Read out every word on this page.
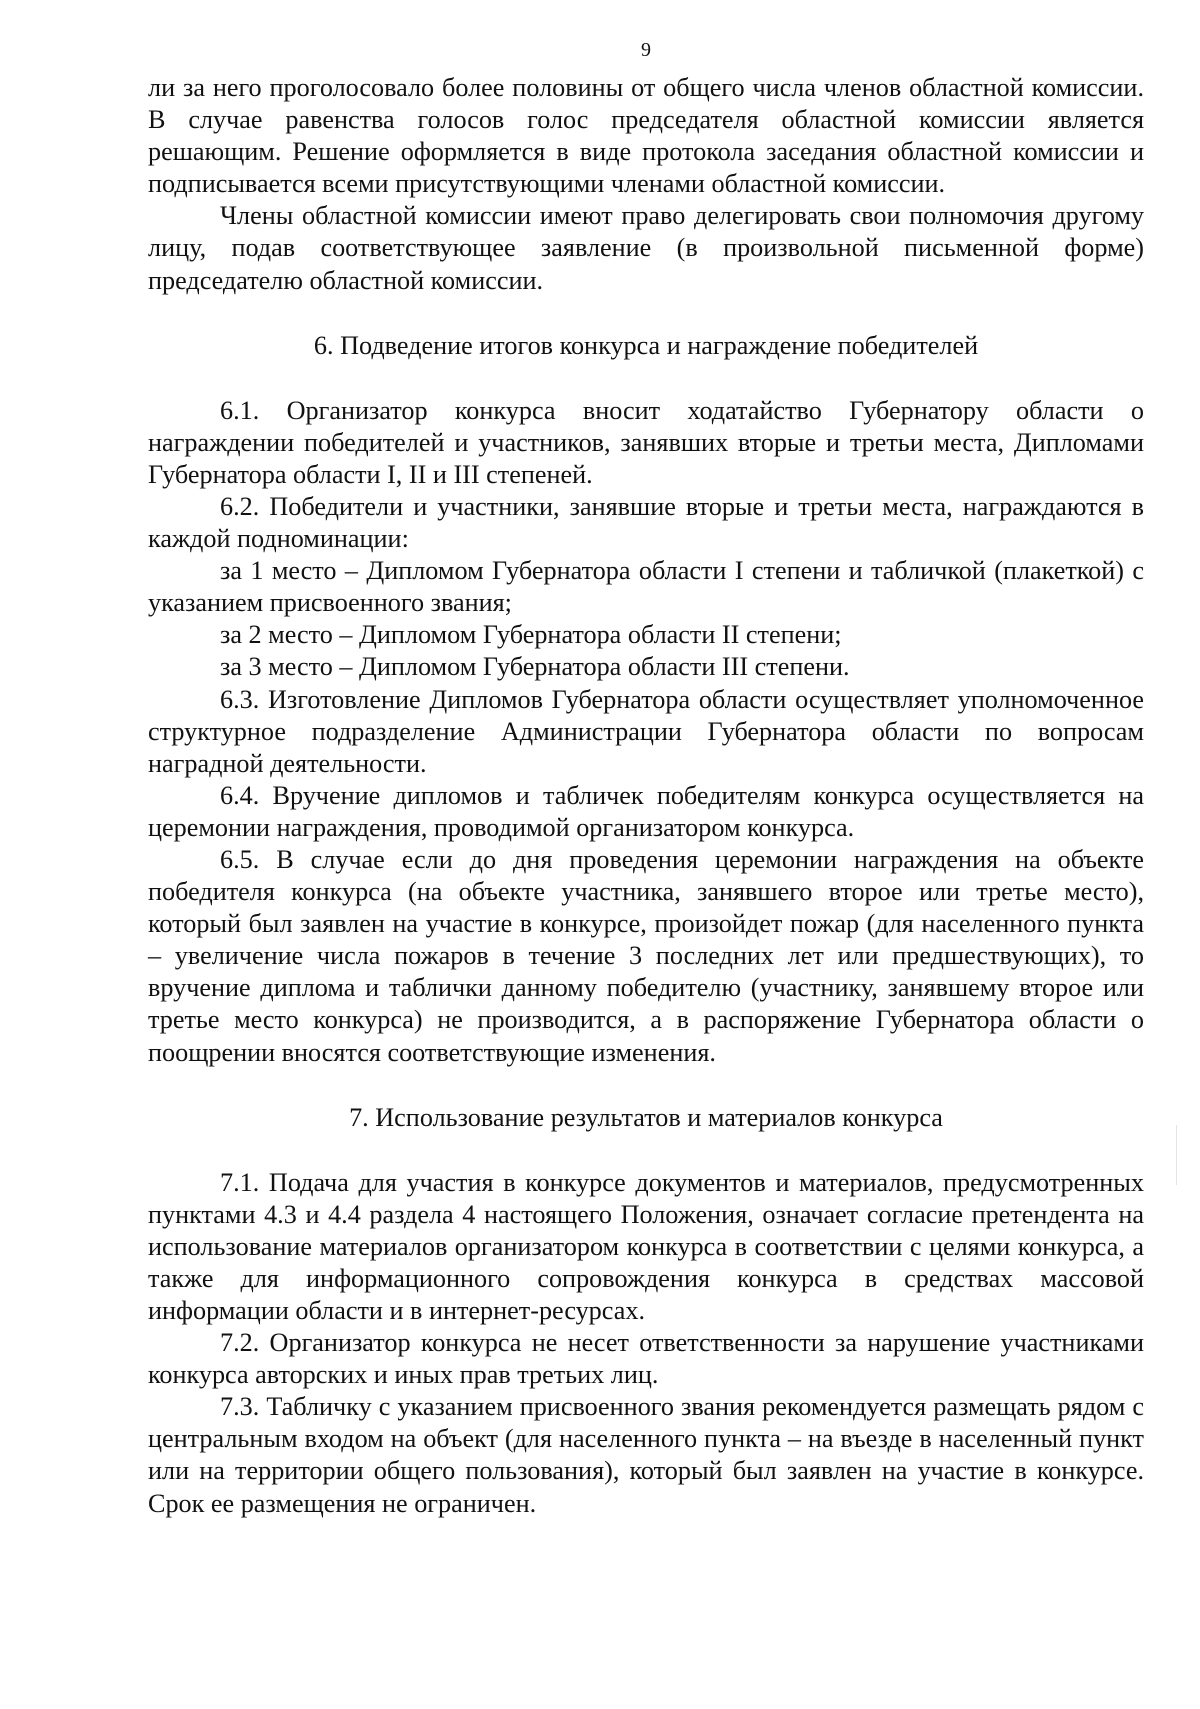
9

ли за него проголосовало более половины от общего числа членов областной комиссии. В случае равенства голосов голос председателя областной комиссии является решающим. Решение оформляется в виде протокола заседания областной комиссии и подписывается всеми присутствующими членами областной комиссии.

Члены областной комиссии имеют право делегировать свои полномочия другому лицу, подав соответствующее заявление (в произвольной письменной форме) председателю областной комиссии.

6. Подведение итогов конкурса и награждение победителей

6.1. Организатор конкурса вносит ходатайство Губернатору области о награждении победителей и участников, занявших вторые и третьи места, Дипломами Губернатора области I, II и III степеней.

6.2. Победители и участники, занявшие вторые и третьи места, награждаются в каждой подноминации:

за 1 место – Дипломом Губернатора области I степени и табличкой (плакеткой) с указанием присвоенного звания;

за 2 место – Дипломом Губернатора области II степени;

за 3 место – Дипломом Губернатора области III степени.

6.3. Изготовление Дипломов Губернатора области осуществляет уполномоченное структурное подразделение Администрации Губернатора области по вопросам наградной деятельности.

6.4. Вручение дипломов и табличек победителям конкурса осуществляется на церемонии награждения, проводимой организатором конкурса.

6.5. В случае если до дня проведения церемонии награждения на объекте победителя конкурса (на объекте участника, занявшего второе или третье место), который был заявлен на участие в конкурсе, произойдет пожар (для населенного пункта – увеличение числа пожаров в течение 3 последних лет или предшествующих), то вручение диплома и таблички данному победителю (участнику, занявшему второе или третье место конкурса) не производится, а в распоряжение Губернатора области о поощрении вносятся соответствующие изменения.

7. Использование результатов и материалов конкурса

7.1. Подача для участия в конкурсе документов и материалов, предусмотренных пунктами 4.3 и 4.4 раздела 4 настоящего Положения, означает согласие претендента на использование материалов организатором конкурса в соответствии с целями конкурса, а также для информационного сопровождения конкурса в средствах массовой информации области и в интернет-ресурсах.

7.2. Организатор конкурса не несет ответственности за нарушение участниками конкурса авторских и иных прав третьих лиц.

7.3. Табличку с указанием присвоенного звания рекомендуется размещать рядом с центральным входом на объект (для населенного пункта – на въезде в населенный пункт или на территории общего пользования), который был заявлен на участие в конкурсе. Срок ее размещения не ограничен.
